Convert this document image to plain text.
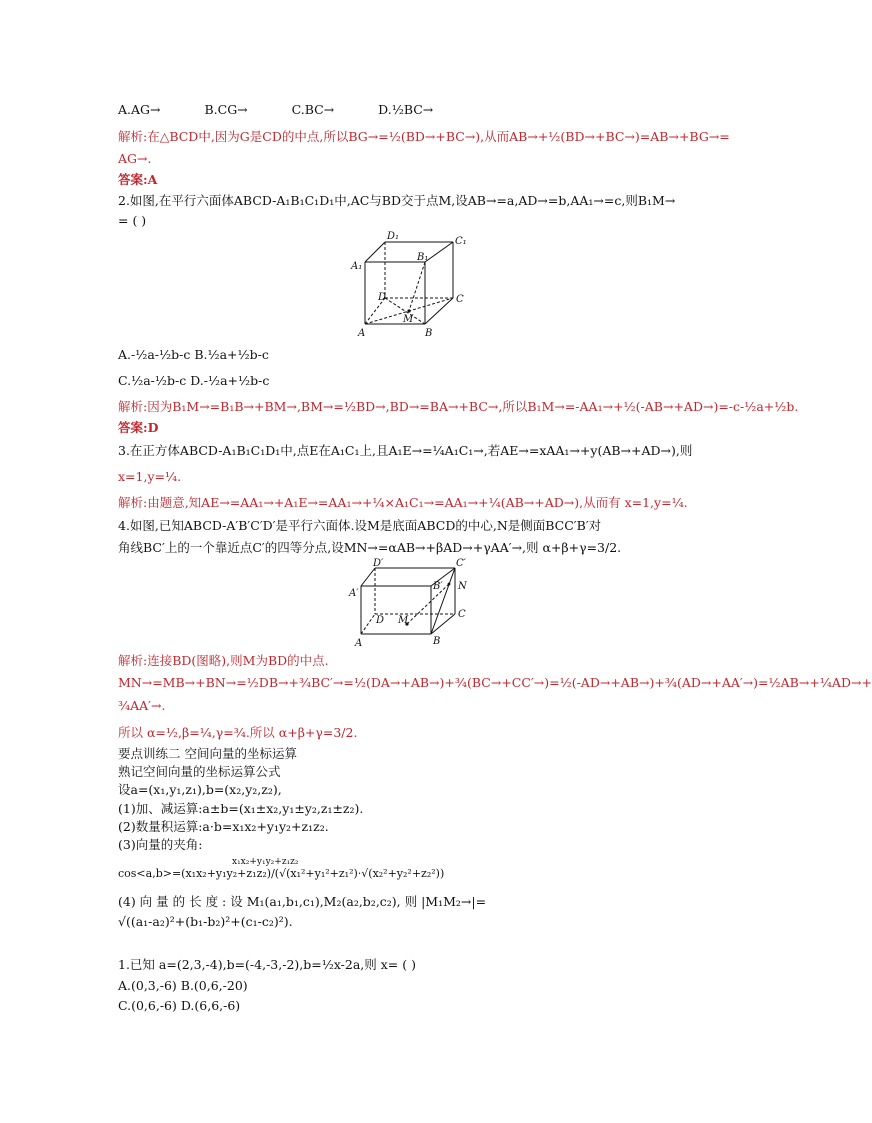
A.AG→	B.CG→	C.BC→	D.½BC→
解析:在△BCD中,因为G是CD的中点,所以BG→=½(BD→+BC→),从而AB→+½(BD→+BC→)=AB→+BG→=
AG→.
答案:A
2.如图,在平行六面体ABCD-A₁B₁C₁D₁中,AC与BD交于点M,设AB→=a,AD→=b,AA₁→=c,则B₁M→
= ( )
D₁	C₁
A₁
B₁
D	C
M
A	B
A.-½a-½b-c B.½a+½b-c
C.½a-½b-c D.-½a+½b-c
解析:因为B₁M→=B₁B→+BM→,BM→=½BD→,BD→=BA→+BC→,所以B₁M→=-AA₁→+½(-AB→+AD→)=-c-½a+½b.
答案:D
3.在正方体ABCD-A₁B₁C₁D₁中,点E在A₁C₁上,且A₁E→=¼A₁C₁→,若AE→=xAA₁→+y(AB→+AD→),则
x=1,y=¼.
解析:由题意,知AE→=AA₁→+A₁E→=AA₁→+¼×A₁C₁→=AA₁→+¼(AB→+AD→),从而有 x=1,y=¼.
4.如图,已知ABCD-A′B′C′D′是平行六面体.设M是底面ABCD的中心,N是侧面BCC′B′对
角线BC′上的一个靠近点C′的四等分点,设MN→=αAB→+βAD→+γAA′→,则 α+β+γ=3/2.
D′	C′
B′ N
A′
C
D M
A	B
解析:连接BD(图略),则M为BD的中点.
MN→=MB→+BN→=½DB→+¾BC′→=½(DA→+AB→)+¾(BC→+CC′→)=½(-AD→+AB→)+¾(AD→+AA′→)=½AB→+¼AD→+
¾AA′→.
所以 α=½,β=¼,γ=¾.所以 α+β+γ=3/2.
要点训练二 空间向量的坐标运算
熟记空间向量的坐标运算公式
设a=(x₁,y₁,z₁),b=(x₂,y₂,z₂),
(1)加、减运算:a±b=(x₁±x₂,y₁±y₂,z₁±z₂).
(2)数量积运算:a·b=x₁x₂+y₁y₂+z₁z₂.
(3)向量的夹角:
x₁x₂+y₁y₂+z₁z₂
cos<a,b>=(x₁x₂+y₁y₂+z₁z₂)/(√(x₁²+y₁²+z₁²)·√(x₂²+y₂²+z₂²))
(4) 向 量 的 长 度 : 设 M₁(a₁,b₁,c₁),M₂(a₂,b₂,c₂), 则 |M₁M₂→|=
√((a₁-a₂)²+(b₁-b₂)²+(c₁-c₂)²).
1.已知 a=(2,3,-4),b=(-4,-3,-2),b=½x-2a,则 x= ( )
A.(0,3,-6) B.(0,6,-20)
C.(0,6,-6) D.(6,6,-6)
